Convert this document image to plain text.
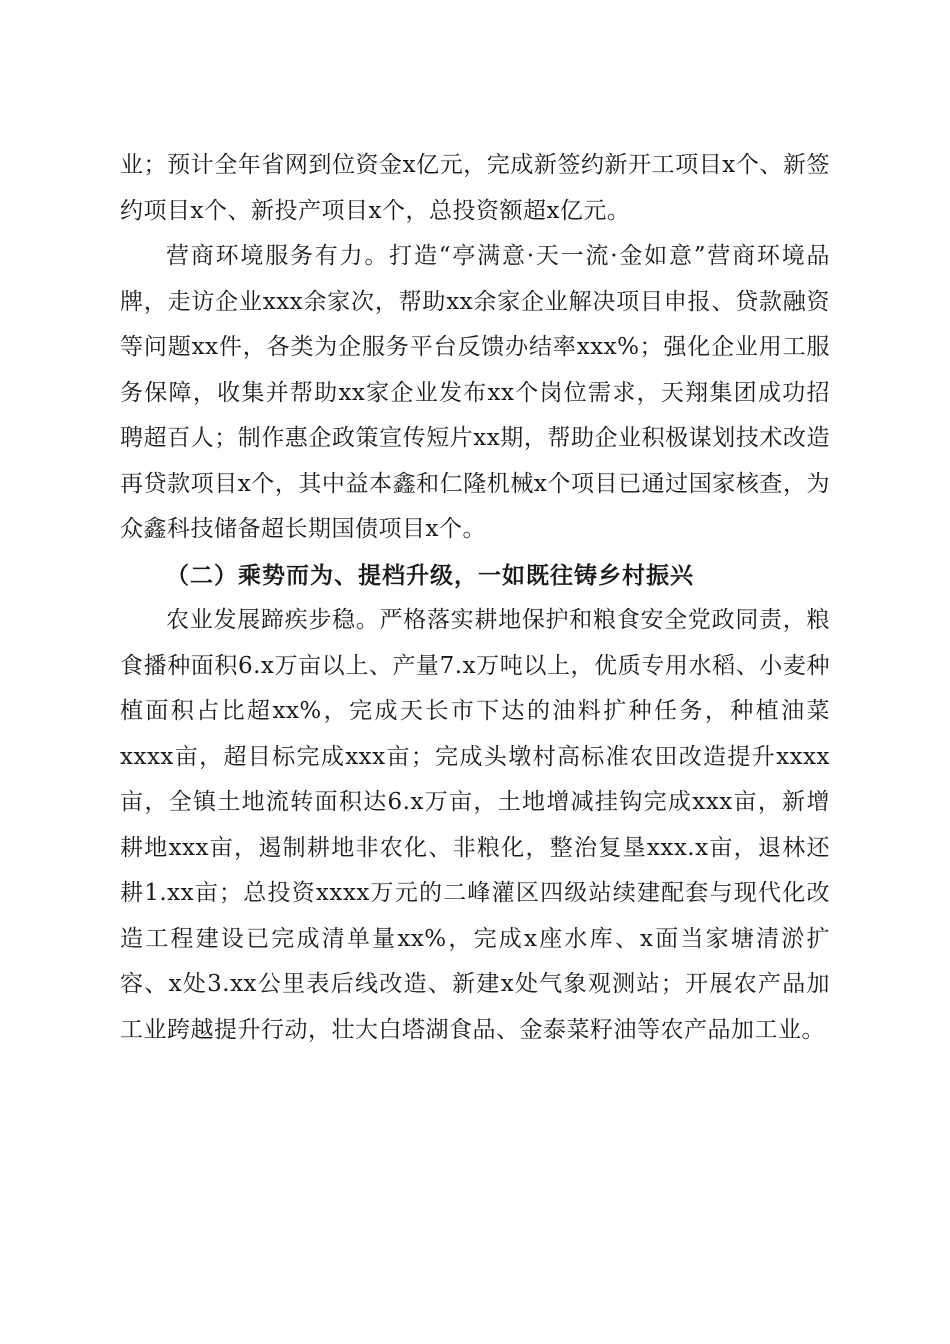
业；预计全年省网到位资金x亿元，完成新签约新开工项目x个、新签约项目x个、新投产项目x个，总投资额超x亿元。

营商环境服务有力。打造“亭满意·天一流·金如意”营商环境品牌，走访企业xxx余家次，帮助xx余家企业解决项目申报、贷款融资等问题xx件，各类为企服务平台反馈办结率xxx%；强化企业用工服务保障，收集并帮助xx家企业发布xx个岗位需求，天翔集团成功招聘超百人；制作惠企政策宣传短片xx期，帮助企业积极谋划技术改造再贷款项目x个，其中益本鑫和仁隆机械x个项目已通过国家核查，为众鑫科技储备超长期国债项目x个。

（二）乘势而为、提档升级，一如既往铸乡村振兴

农业发展蹄疾步稳。严格落实耕地保护和粮食安全党政同责，粮食播种面积6.x万亩以上、产量7.x万吨以上，优质专用水稻、小麦种植面积占比超xx%，完成天长市下达的油料扩种任务，种植油菜xxxx亩，超目标完成xxx亩；完成头墩村高标准农田改造提升xxxx亩，全镇土地流转面积达6.x万亩，土地增减挂钩完成xxx亩，新增耕地xxx亩，遏制耕地非农化、非粮化，整治复垦xxx.x亩，退林还耕1.xx亩；总投资xxxx万元的二峰灌区四级站续建配套与现代化改造工程建设已完成清单量xx%，完成x座水库、x面当家塘清淤扩容、x处3.xx公里表后线改造、新建x处气象观测站；开展农产品加工业跨越提升行动，壮大白塔湖食品、金泰菜籽油等农产品加工业。
